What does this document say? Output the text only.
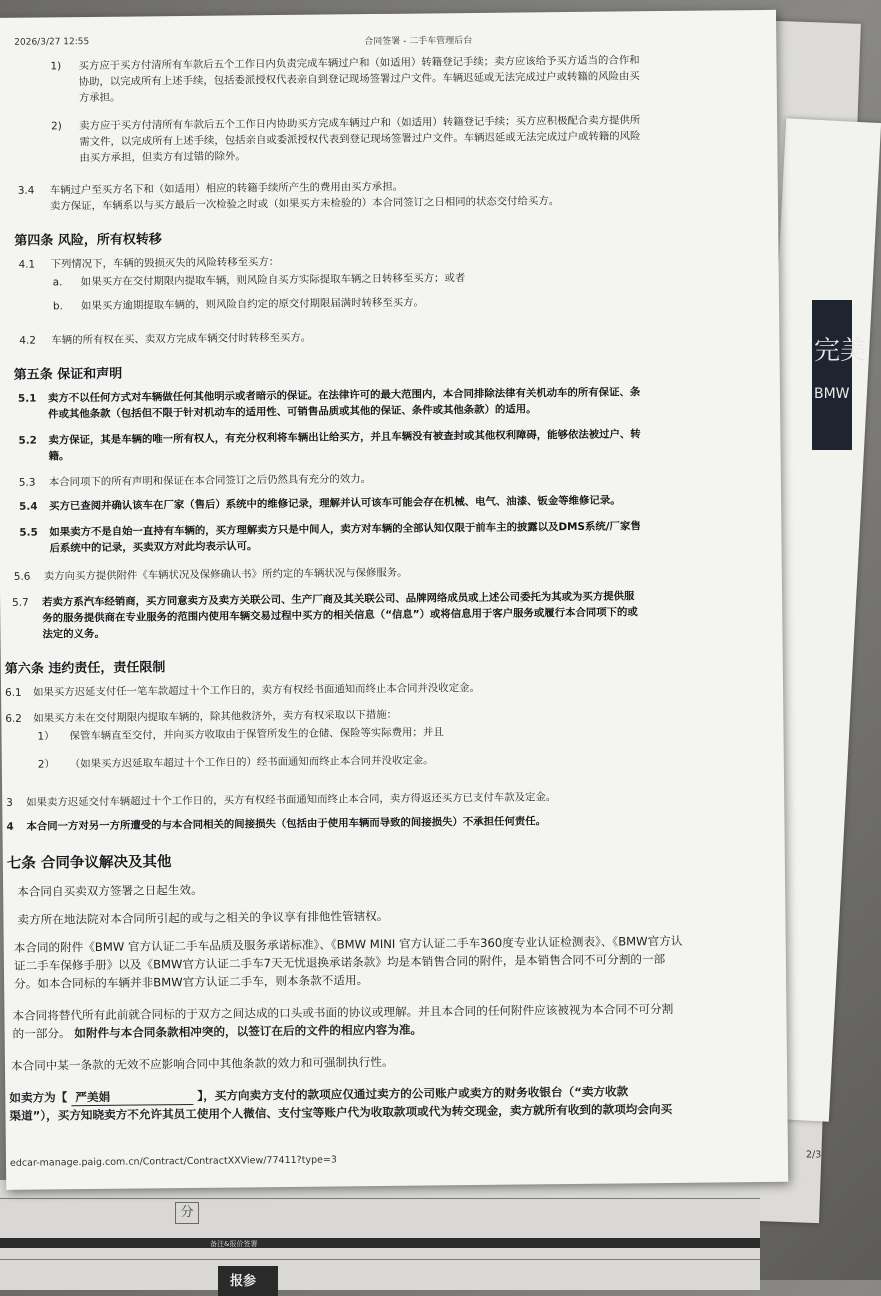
完美
BMW
分
备注&报价签署
报参
2026/3/27 12:55	合同签署 - 二手车管理后台
1) 买方应于买方付清所有车款后五个工作日内负责完成车辆过户和（如适用）转籍登记手续；卖方应该给予买方适当的合作和
协助，以完成所有上述手续，包括委派授权代表亲自到登记现场签署过户文件。车辆迟延或无法完成过户或转籍的风险由买
方承担。
2) 卖方应于买方付清所有车款后五个工作日内协助买方完成车辆过户和（如适用）转籍登记手续；买方应积极配合卖方提供所
需文件，以完成所有上述手续，包括亲自或委派授权代表到登记现场签署过户文件。车辆迟延或无法完成过户或转籍的风险
由买方承担，但卖方有过错的除外。
3.4 车辆过户至买方名下和（如适用）相应的转籍手续所产生的费用由买方承担。
卖方保证，车辆系以与买方最后一次检验之时或（如果买方未检验的）本合同签订之日相同的状态交付给买方。
第四条 风险，所有权转移
4.1 下列情况下，车辆的毁损灭失的风险转移至买方：
a. 如果买方在交付期限内提取车辆，则风险自买方实际提取车辆之日转移至买方；或者
b. 如果买方逾期提取车辆的，则风险自约定的原交付期限届满时转移至买方。
4.2 车辆的所有权在买、卖双方完成车辆交付时转移至买方。
第五条 保证和声明
5.1 卖方不以任何方式对车辆做任何其他明示或者暗示的保证。在法律许可的最大范围内，本合同排除法律有关机动车的所有保证、条
件或其他条款（包括但不限于针对机动车的适用性、可销售品质或其他的保证、条件或其他条款）的适用。
5.2 卖方保证，其是车辆的唯一所有权人，有充分权利将车辆出让给买方，并且车辆没有被查封或其他权利障碍，能够依法被过户、转
籍。
5.3 本合同项下的所有声明和保证在本合同签订之后仍然具有充分的效力。
5.4 买方已查阅并确认该车在厂家（售后）系统中的维修记录，理解并认可该车可能会存在机械、电气、油漆、钣金等维修记录。
5.5 如果卖方不是自始一直持有车辆的，买方理解卖方只是中间人，卖方对车辆的全部认知仅限于前车主的披露以及DMS系统/厂家售
后系统中的记录，买卖双方对此均表示认可。
5.6 卖方向买方提供附件《车辆状况及保修确认书》所约定的车辆状况与保修服务。
5.7 若卖方系汽车经销商，买方同意卖方及卖方关联公司、生产厂商及其关联公司、品牌网络成员或上述公司委托为其或为买方提供服
务的服务提供商在专业服务的范围内使用车辆交易过程中买方的相关信息（“信息”）或将信息用于客户服务或履行本合同项下的或
法定的义务。
第六条 违约责任，责任限制
6.1 如果买方迟延支付任一笔车款超过十个工作日的，卖方有权经书面通知而终止本合同并没收定金。
6.2 如果买方未在交付期限内提取车辆的，除其他救济外，卖方有权采取以下措施：
1） 保管车辆直至交付，并向买方收取由于保管所发生的仓储、保险等实际费用；并且
2） （如果买方迟延取车超过十个工作日的）经书面通知而终止本合同并没收定金。
3 如果卖方迟延交付车辆超过十个工作日的，买方有权经书面通知而终止本合同，卖方得返还买方已支付车款及定金。
4 本合同一方对另一方所遭受的与本合同相关的间接损失（包括由于使用车辆而导致的间接损失）不承担任何责任。
七条 合同争议解决及其他
本合同自买卖双方签署之日起生效。
卖方所在地法院对本合同所引起的或与之相关的争议享有排他性管辖权。
本合同的附件《BMW 官方认证二手车品质及服务承诺标准》、《BMW MINI 官方认证二手车360度专业认证检测表》、《BMW官方认
证二手车保修手册》以及《BMW官方认证二手车7天无忧退换承诺条款》均是本销售合同的附件，是本销售合同不可分割的一部
分。如本合同标的车辆并非BMW官方认证二手车，则本条款不适用。
本合同将替代所有此前就合同标的于双方之间达成的口头或书面的协议或理解。并且本合同的任何附件应该被视为本合同不可分割
的一部分。 如附件与本合同条款相冲突的，以签订在后的文件的相应内容为准。
本合同中某一条款的无效不应影响合同中其他条款的效力和可强制执行性。
如卖方为【 严美娟	】，买方向卖方支付的款项应仅通过卖方的公司账户或卖方的财务收银台（“卖方收款
渠道”），买方知晓卖方不允许其员工使用个人微信、支付宝等账户代为收取款项或代为转交现金，卖方就所有收到的款项均会向买
edcar-manage.paig.com.cn/Contract/ContractXXView/77411?type=3	2/3
